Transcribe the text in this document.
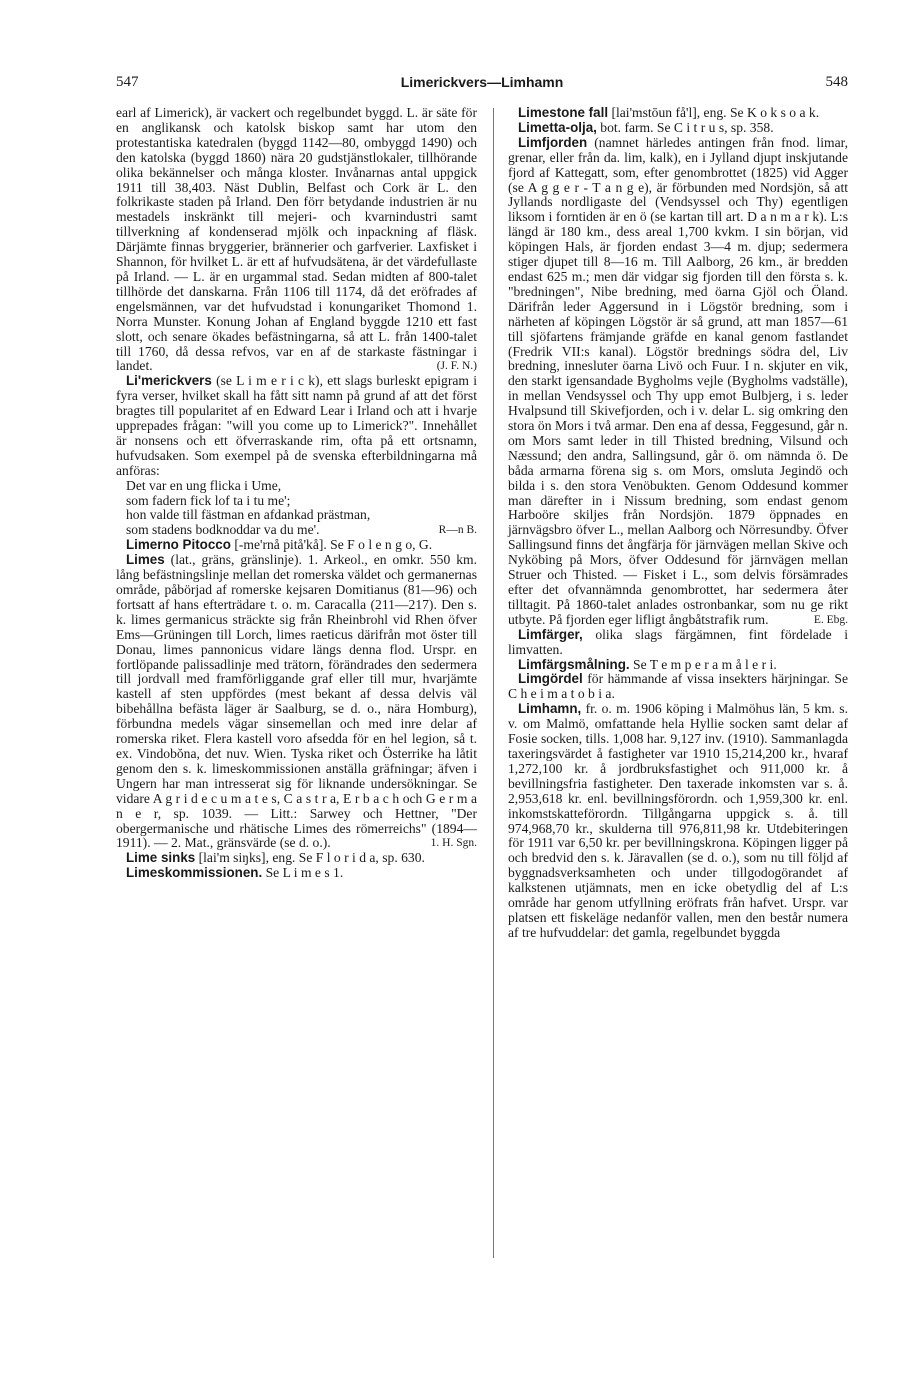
547	Limerickvers—Limhamn	548

earl af Limerick), är vackert och regelbundet byggd. L. är säte för en anglikansk och katolsk biskop samt har utom den protestantiska katedralen (byggd 1142—80, ombyggd 1490) och den katolska (byggd 1860) nära 20 gudstjänstlokaler, tillhörande olika bekännelser och många kloster. Invånarnas antal uppgick 1911 till 38,403. Näst Dublin, Belfast och Cork är L. den folkrikaste staden på Irland. Den förr betydande industrien är nu mestadels inskränkt till mejeri- och kvarnindustri samt tillverkning af kondenserad mjölk och inpackning af fläsk. Därjämte finnas bryggerier, brännerier och garfverier. Laxfisket i Shannon, för hvilket L. är ett af hufvudsätena, är det värdefullaste på Irland. — L. är en urgammal stad. Sedan midten af 800-talet tillhörde det danskarna. Från 1106 till 1174, då det eröfrades af engelsmännen, var det hufvudstad i konungariket Thomond 1. Norra Munster. Konung Johan af England byggde 1210 ett fast slott, och senare ökades befästningarna, så att L. från 1400-talet till 1760, då dessa refvos, var en af de starkaste fästningar i landet.	(J. F. N.)

Li'merickvers (se L i m e r i c k), ett slags burleskt epigram i fyra verser, hvilket skall ha fått sitt namn på grund af att det först bragtes till popularitet af en Edward Lear i Irland och att i hvarje upprepades frågan: "will you come up to Limerick?". Innehållet är nonsens och ett öfverraskande rim, ofta på ett ortsnamn, hufvudsaken. Som exempel på de svenska efterbildningarna må anföras:

Det var en ung flicka i Ume,
som fadern fick lof ta i tu me';
hon valde till fästman en afdankad prästman,
R—n B.
som stadens bodknoddar va du me'.

Limerno Pitocco [-me'rnå pitå'kå]. Se F o l e n g o, G.

Limes (lat., gräns, gränslinje). 1. Arkeol., en omkr. 550 km. lång befästningslinje mellan det romerska väldet och germanernas område, påbörjad af romerske kejsaren Domitianus (81—96) och fortsatt af hans efterträdare t. o. m. Caracalla (211—217). Den s. k. limes germanicus sträckte sig från Rheinbrohl vid Rhen öfver Ems—Grüningen till Lorch, limes raeticus därifrån mot öster till Donau, limes pannonicus vidare längs denna flod. Urspr. en fortlöpande palissadlinje med trätorn, förändrades den sedermera till jordvall med framförliggande graf eller till mur, hvarjämte kastell af sten uppfördes (mest bekant af dessa delvis väl bibehållna befästa läger är Saalburg, se d. o., nära Homburg), förbundna medels vägar sinsemellan och med inre delar af romerska riket. Flera kastell voro afsedda för en hel legion, så t. ex. Vindobŏna, det nuv. Wien. Tyska riket och Österrike ha låtit genom den s. k. limeskommissionen anställa gräfningar; äfven i Ungern har man intresserat sig för liknande undersökningar. Se vidare A g r i d e c u m a t e s, C a s t r a, E r b a c h och G e r m a n e r, sp. 1039. — Litt.: Sarwey och Hettner, "Der obergermanische und rhätische Limes des römerreichs" (1894—1911). — 2. Mat., gränsvärde (se d. o.).	1. H. Sgn.

Lime sinks [lai'm siŋks], eng. Se F l o r i d a, sp. 630.

Limeskommissionen. Se L i m e s 1.

Limestone fall [lai'mstōun få'l], eng. Se K o k s o a k.

Limetta-olja, bot. farm. Se C i t r u s, sp. 358.

Limfjorden (namnet härledes antingen från fnod. limar, grenar, eller från da. lim, kalk), en i Jylland djupt inskjutande fjord af Kattegatt, som, efter genombrottet (1825) vid Agger (se A g g e r - T a n g e), är förbunden med Nordsjön, så att Jyllands nordligaste del (Vendsyssel och Thy) egentligen liksom i forntiden är en ö (se kartan till art. D a n m a r k). L:s längd är 180 km., dess areal 1,700 kvkm. I sin början, vid köpingen Hals, är fjorden endast 3—4 m. djup; sedermera stiger djupet till 8—16 m. Till Aalborg, 26 km., är bredden endast 625 m.; men där vidgar sig fjorden till den första s. k. "bredningen", Nibe bredning, med öarna Gjöl och Öland. Därifrån leder Aggersund in i Lögstör bredning, som i närheten af köpingen Lögstör är så grund, att man 1857—61 till sjöfartens främjande gräfde en kanal genom fastlandet (Fredrik VII:s kanal). Lögstör brednings södra del, Liv bredning, innesluter öarna Livö och Fuur. I n. skjuter en vik, den starkt igensandade Bygholms vejle (Bygholms vadställe), in mellan Vendsyssel och Thy upp emot Bulbjerg, i s. leder Hvalpsund till Skivefjorden, och i v. delar L. sig omkring den stora ön Mors i två armar. Den ena af dessa, Feggesund, går n. om Mors samt leder in till Thisted bredning, Vilsund och Næssund; den andra, Sallingsund, går ö. om nämnda ö. De båda armarna förena sig s. om Mors, omsluta Jegindö och bilda i s. den stora Venöbukten. Genom Oddesund kommer man därefter in i Nissum bredning, som endast genom Harboöre skiljes från Nordsjön. 1879 öppnades en järnvägsbro öfver L., mellan Aalborg och Nörresundby. Öfver Sallingsund finns det ångfärja för järnvägen mellan Skive och Nyköbing på Mors, öfver Oddesund för järnvägen mellan Struer och Thisted. — Fisket i L., som delvis försämrades efter det ofvannämnda genombrottet, har sedermera åter tilltagit. På 1860-talet anlades ostronbankar, som nu ge rikt utbyte. På fjorden eger lifligt ångbåtstrafik rum.	E. Ebg.

Limfärger, olika slags färgämnen, fint fördelade i limvatten.

Limfärgsmålning. Se T e m p e r a m å l e r i.

Limgördel för hämmande af vissa insekters härjningar. Se C h e i m a t o b i a.

Limhamn, fr. o. m. 1906 köping i Malmöhus län, 5 km. s. v. om Malmö, omfattande hela Hyllie socken samt delar af Fosie socken, tills. 1,008 har. 9,127 inv. (1910). Sammanlagda taxeringsvärdet å fastigheter var 1910 15,214,200 kr., hvaraf 1,272,100 kr. å jordbruksfastighet och 911,000 kr. å bevillningsfria fastigheter. Den taxerade inkomsten var s. å. 2,953,618 kr. enl. bevillningsförordn. och 1,959,300 kr. enl. inkomstskatteförordn. Tillgångarna uppgick s. å. till 974,968,70 kr., skulderna till 976,811,98 kr. Utdebiteringen för 1911 var 6,50 kr. per bevillningskrona. Köpingen ligger på och bredvid den s. k. Järavallen (se d. o.), som nu till följd af byggnadsverksamheten och under tillgodogörandet af kalkstenen utjämnats, men en icke obetydlig del af L:s område har genom utfyllning eröfrats från hafvet. Urspr. var platsen ett fiskeläge nedanför vallen, men den består numera af tre hufvuddelar: det gamla, regelbundet byggda
